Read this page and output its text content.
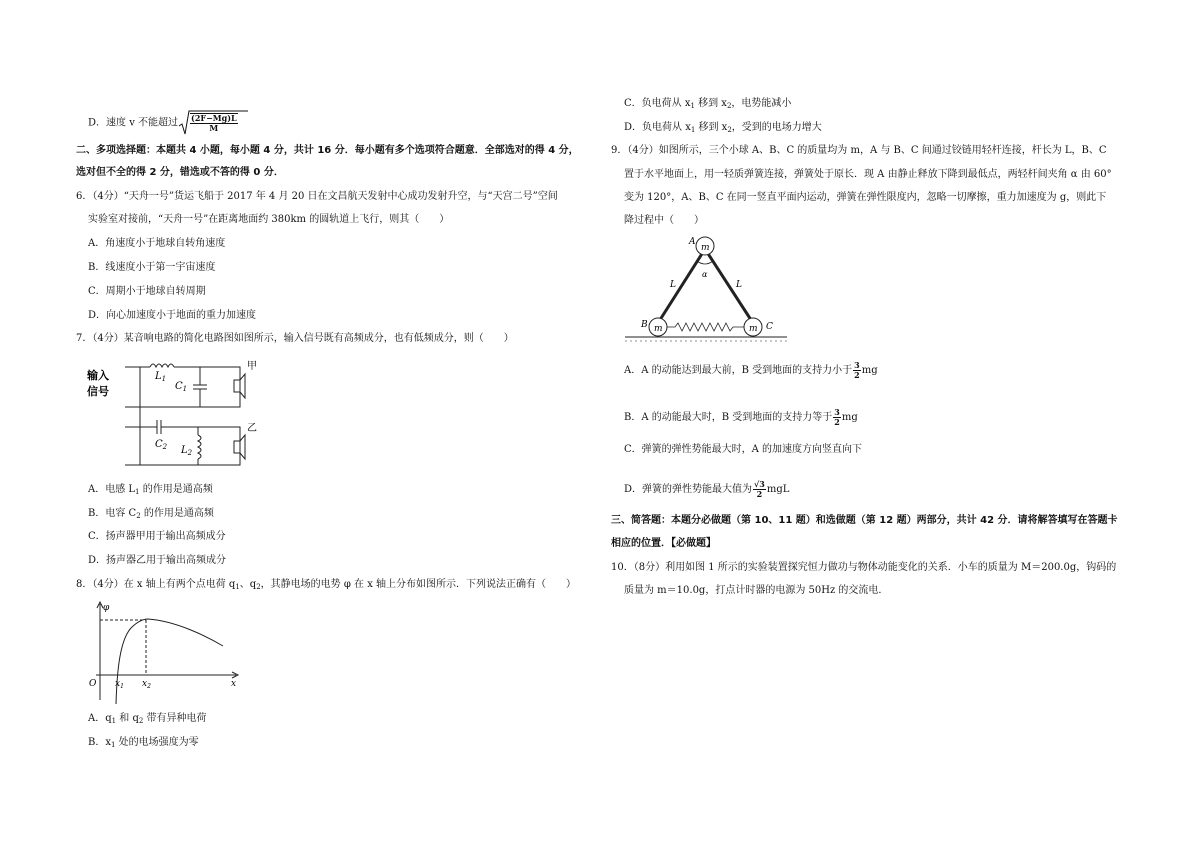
D．速度 v 不能超过 $\frac{(2F-Mg)L}{M}$
二、多项选择题：本题共 4 小题，每小题 4 分，共计 16 分．每小题有多个选项符合题意．全部选对的得 4 分，
选对但不全的得 2 分，错选或不答的得 0 分．
6．（4分）“天舟一号”货运飞船于 2017 年 4 月 20 日在文昌航天发射中心成功发射升空，与“天宫二号”空间
实验室对接前，“天舟一号”在距离地面约 380km 的圆轨道上飞行，则其（　　）
A．角速度小于地球自转角速度
B．线速度小于第一宇宙速度
C．周期小于地球自转周期
D．向心加速度小于地面的重力加速度
7．（4分）某音响电路的简化电路图如图所示，输入信号既有高频成分，也有低频成分，则（　　）
输入
信号
$L_1$
$C_1$
$C_2$ $L_2$
甲
乙
A．电感 $L_1$ 的作用是通高频
B．电容 $C_2$ 的作用是通高频
C．扬声器甲用于输出高频成分
D．扬声器乙用于输出高频成分
8．（4分）在 x 轴上有两个点电荷 $q_1$、$q_2$，其静电场的电势 φ 在 x 轴上分布如图所示．下列说法正确有（　　）
φ
O $x_1$ $x_2$	x
A．$q_1$ 和 $q_2$ 带有异种电荷
B．$x_1$ 处的电场强度为零
C．负电荷从 $x_1$ 移到 $x_2$，电势能减小
D．负电荷从 $x_1$ 移到 $x_2$，受到的电场力增大
9．（4分）如图所示，三个小球 A、B、C 的质量均为 m，A 与 B、C 间通过铰链用轻杆连接，杆长为 L，B、C
置于水平地面上，用一轻质弹簧连接，弹簧处于原长．现 A 由静止释放下降到最低点，两轻杆间夹角 α 由 60°
变为 120°，A、B、C 在同一竖直平面内运动，弹簧在弹性限度内，忽略一切摩擦，重力加速度为 g，则此下
降过程中（　　）
m
m	m
A
B	C
L	L
α
A．A 的动能达到最大前，B 受到地面的支持力小于 $\frac{3}{2}$ mg
B．A 的动能最大时，B 受到地面的支持力等于 $\frac{3}{2}$ mg
C．弹簧的弹性势能最大时，A 的加速度方向竖直向下
D．弹簧的弹性势能最大值为 $\frac{√3}{2}$ mgL
三、简答题：本题分必做题（第 10、11 题）和选做题（第 12 题）两部分，共计 42 分．请将解答填写在答题卡
相应的位置．【必做题】
10．（8分）利用如图 1 所示的实验装置探究恒力做功与物体动能变化的关系．小车的质量为 M＝200.0g，钩码的
质量为 m＝10.0g，打点计时器的电源为 50Hz 的交流电．
